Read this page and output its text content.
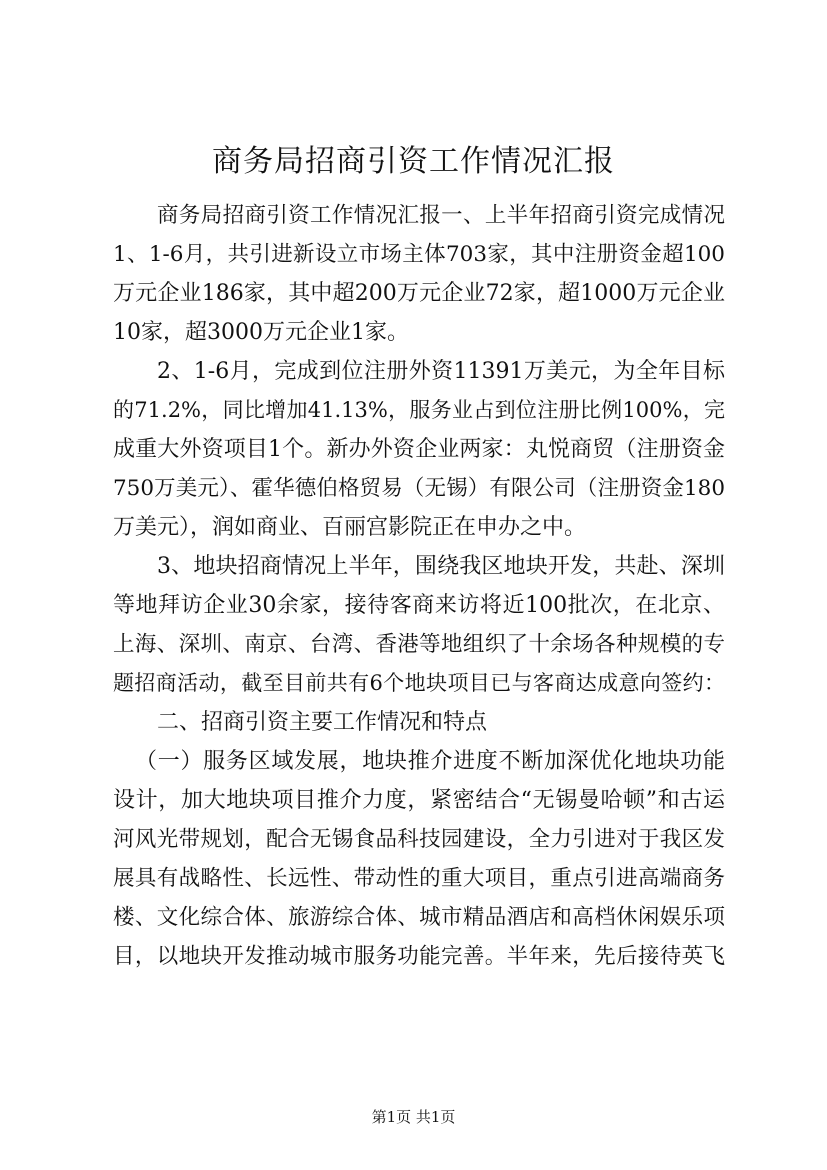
商务局招商引资工作情况汇报
商务局招商引资工作情况汇报一、上半年招商引资完成情况
1、1-6月，共引进新设立市场主体703家，其中注册资金超100
万元企业186家，其中超200万元企业72家，超1000万元企业
10家，超3000万元企业1家。
2、1-6月，完成到位注册外资11391万美元，为全年目标
的71.2%，同比增加41.13%，服务业占到位注册比例100%，完
成重大外资项目1个。新办外资企业两家：丸悦商贸（注册资金
750万美元）、霍华德伯格贸易（无锡）有限公司（注册资金180
万美元），润如商业、百丽宫影院正在申办之中。
3、地块招商情况上半年，围绕我区地块开发，共赴、深圳
等地拜访企业30余家，接待客商来访将近100批次，在北京、
上海、深圳、南京、台湾、香港等地组织了十余场各种规模的专
题招商活动，截至目前共有6个地块项目已与客商达成意向签约：
二、招商引资主要工作情况和特点
（一）服务区域发展，地块推介进度不断加深优化地块功能
设计，加大地块项目推介力度，紧密结合“无锡曼哈顿”和古运
河风光带规划，配合无锡食品科技园建设，全力引进对于我区发
展具有战略性、长远性、带动性的重大项目，重点引进高端商务
楼、文化综合体、旅游综合体、城市精品酒店和高档休闲娱乐项
目，以地块开发推动城市服务功能完善。半年来，先后接待英飞
第1页 共1页
